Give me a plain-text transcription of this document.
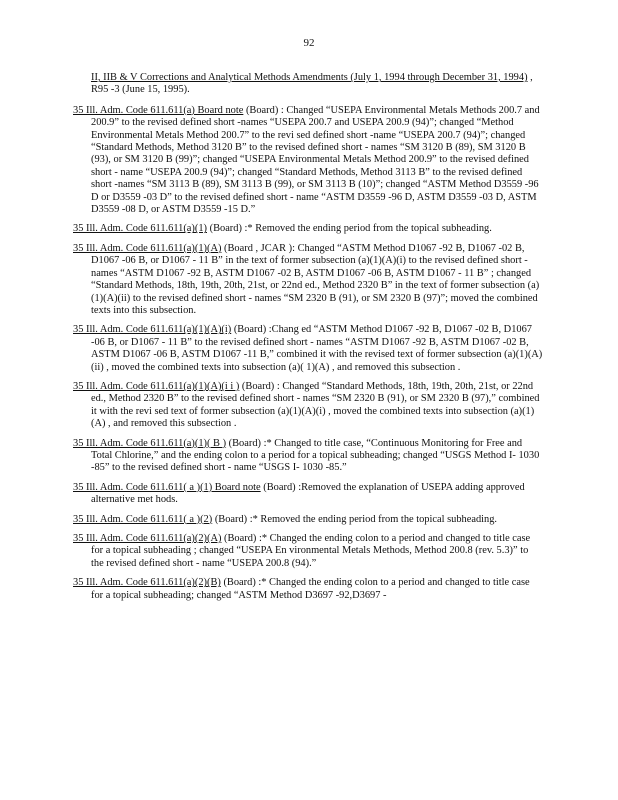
92
II, IIB & V Corrections and Analytical Methods Amendments (July 1, 1994 through December 31, 1994) , R95 -3 (June 15, 1995).
35 Ill. Adm. Code 611.611(a) Board note (Board) : Changed “USEPA Environmental Metals Methods 200.7 and 200.9” to the revised defined short -names “USEPA 200.7 and USEPA 200.9 (94)”; changed “Method Environmental Metals Method 200.7” to the revi sed defined short -name “USEPA 200.7 (94)”; changed “Standard Methods, Method 3120 B” to the revised defined short - names “SM 3120 B (89), SM 3120 B (93), or SM 3120 B (99)”; changed “USEPA Environmental Metals Method 200.9” to the revised defined short - name “USEPA 200.9 (94)”; changed “Standard Methods, Method 3113 B” to the revised defined short -names “SM 3113 B (89), SM 3113 B (99), or SM 3113 B (10)”; changed “ASTM Method D3559 -96 D or D3559 -03 D” to the revised defined short - name “ASTM D3559 -96 D, ASTM D3559 -03 D, ASTM D3559 -08 D, or ASTM D3559 -15 D.”
35 Ill. Adm. Code 611.611(a)(1) (Board) :* Removed the ending period from the topical subheading.
35 Ill. Adm. Code 611.611(a)(1)(A) (Board , JCAR ): Changed “ASTM Method D1067 -92 B, D1067 -02 B, D1067 -06 B, or D1067 - 11 B” in the text of former subsection (a)(1)(A)(i) to the revised defined short - names “ASTM D1067 -92 B, ASTM D1067 -02 B, ASTM D1067 -06 B, ASTM D1067 - 11 B” ; changed “Standard Methods, 18th, 19th, 20th, 21st, or 22nd ed., Method 2320 B” in the text of former subsection (a)(1)(A)(ii) to the revised defined short - names “SM 2320 B (91), or SM 2320 B (97)”; moved the combined texts into this subsection.
35 Ill. Adm. Code 611.611(a)(1)(A)(i) (Board) :Chang ed “ASTM Method D1067 -92 B, D1067 -02 B, D1067 -06 B, or D1067 - 11 B” to the revised defined short - names “ASTM D1067 -92 B, ASTM D1067 -02 B, ASTM D1067 -06 B, ASTM D1067 -11 B,” combined it with the revised text of former subsection (a)(1)(A)(ii) , moved the combined texts into subsection (a)( 1)(A) , and removed this subsection .
35 Ill. Adm. Code 611.611(a)(1)(A)(i i ) (Board) : Changed “Standard Methods, 18th, 19th, 20th, 21st, or 22nd ed., Method 2320 B” to the revised defined short - names “SM 2320 B (91), or SM 2320 B (97),” combined it with the revi sed text of former subsection (a)(1)(A)(i) , moved the combined texts into subsection (a)(1)(A) , and removed this subsection .
35 Ill. Adm. Code 611.611(a)(1)( B ) (Board) :* Changed to title case, “Continuous Monitoring for Free and Total Chlorine,” and the ending colon to a period for a topical subheading; changed “USGS Method I- 1030 -85” to the revised defined short - name “USGS I- 1030 -85.”
35 Ill. Adm. Code 611.611( a )(1) Board note (Board) :Removed the explanation of USEPA adding approved alternative met hods.
35 Ill. Adm. Code 611.611( a )(2) (Board) :* Removed the ending period from the topical subheading.
35 Ill. Adm. Code 611.611(a)(2)(A) (Board) :* Changed the ending colon to a period and changed to title case for a topical subheading ; changed “USEPA En vironmental Metals Methods, Method 200.8 (rev. 5.3)” to the revised defined short - name “USEPA 200.8 (94).”
35 Ill. Adm. Code 611.611(a)(2)(B) (Board) :* Changed the ending colon to a period and changed to title case for a topical subheading; changed “ASTM Method D3697 -92,D3697 -
